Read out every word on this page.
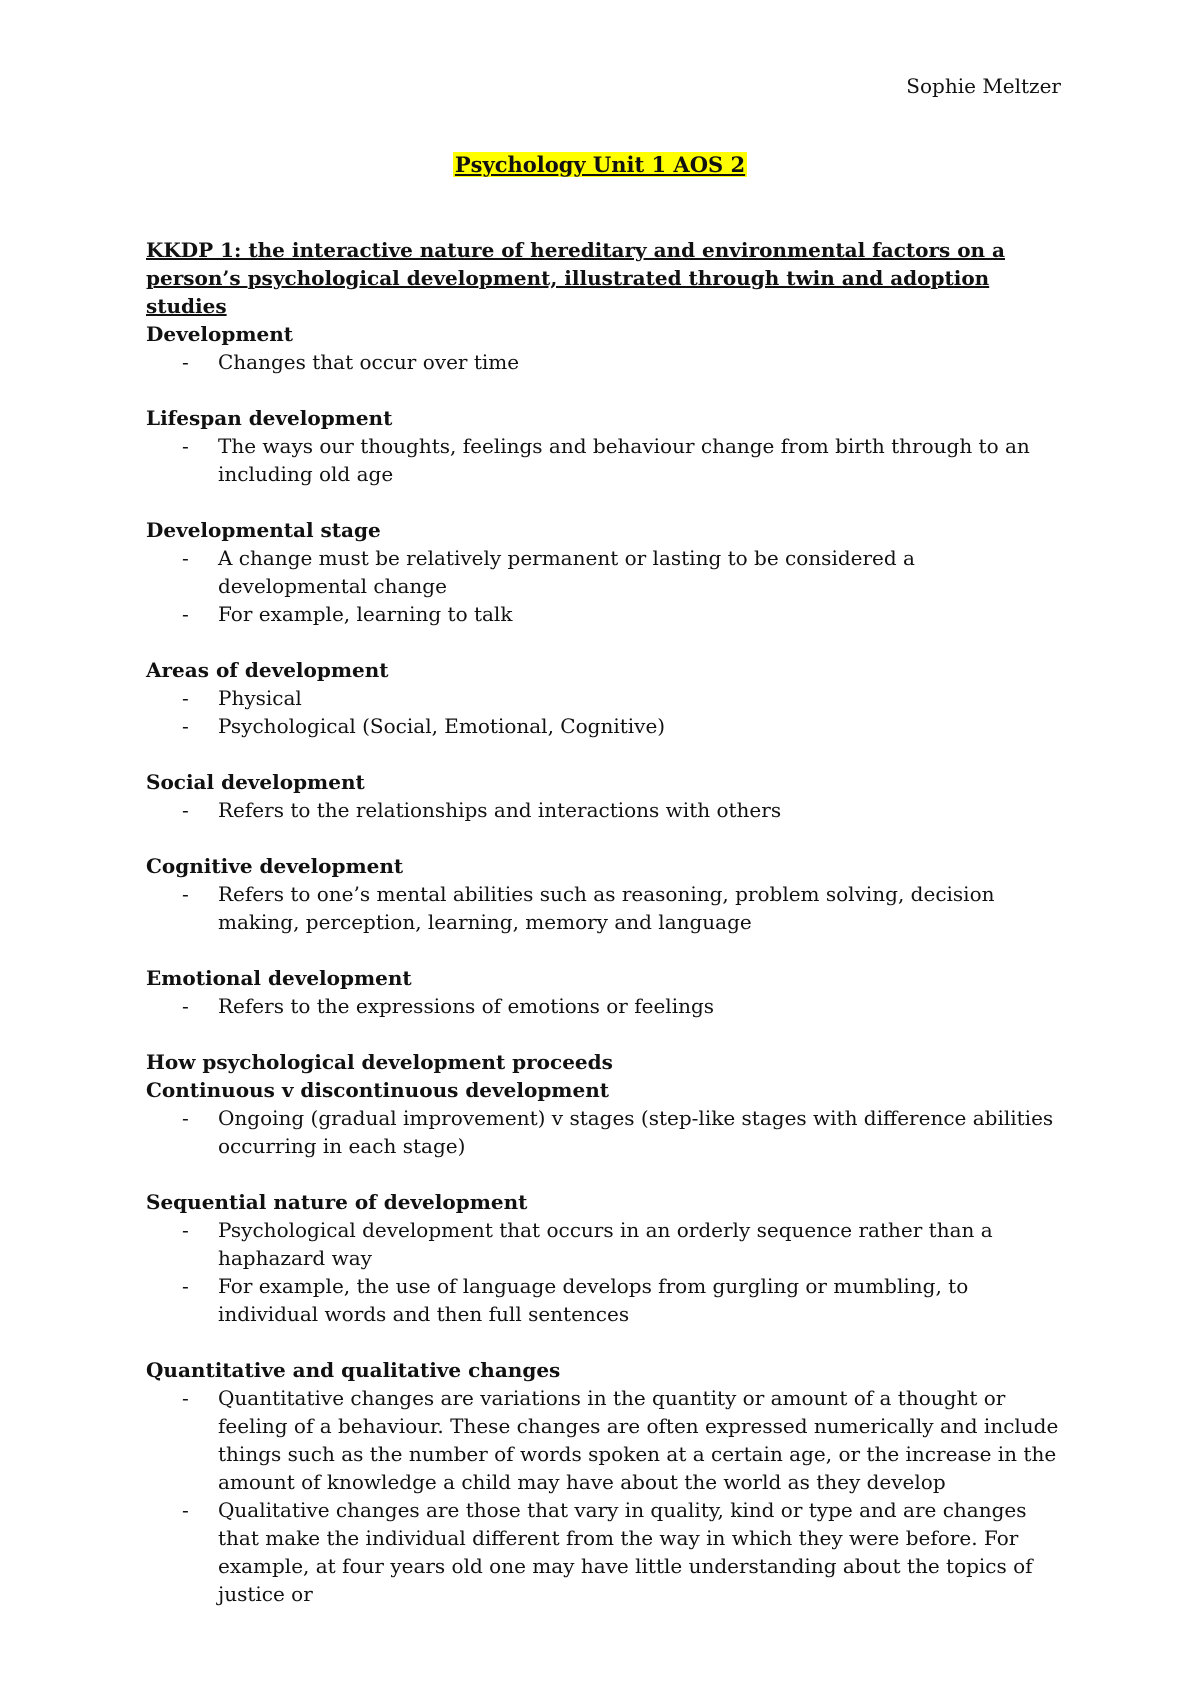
Sophie Meltzer
Psychology Unit 1 AOS 2
KKDP 1: the interactive nature of hereditary and environmental factors on a person’s psychological development, illustrated through twin and adoption studies
Development
- Changes that occur over time
Lifespan development
- The ways our thoughts, feelings and behaviour change from birth through to an including old age
Developmental stage
- A change must be relatively permanent or lasting to be considered a developmental change
- For example, learning to talk
Areas of development
- Physical
- Psychological (Social, Emotional, Cognitive)
Social development
- Refers to the relationships and interactions with others
Cognitive development
- Refers to one’s mental abilities such as reasoning, problem solving, decision making, perception, learning, memory and language
Emotional development
- Refers to the expressions of emotions or feelings
How psychological development proceeds
Continuous v discontinuous development
- Ongoing (gradual improvement) v stages (step-like stages with difference abilities occurring in each stage)
Sequential nature of development
- Psychological development that occurs in an orderly sequence rather than a haphazard way
- For example, the use of language develops from gurgling or mumbling, to individual words and then full sentences
Quantitative and qualitative changes
- Quantitative changes are variations in the quantity or amount of a thought or feeling of a behaviour. These changes are often expressed numerically and include things such as the number of words spoken at a certain age, or the increase in the amount of knowledge a child may have about the world as they develop
- Qualitative changes are those that vary in quality, kind or type and are changes that make the individual different from the way in which they were before. For example, at four years old one may have little understanding about the topics of justice or
